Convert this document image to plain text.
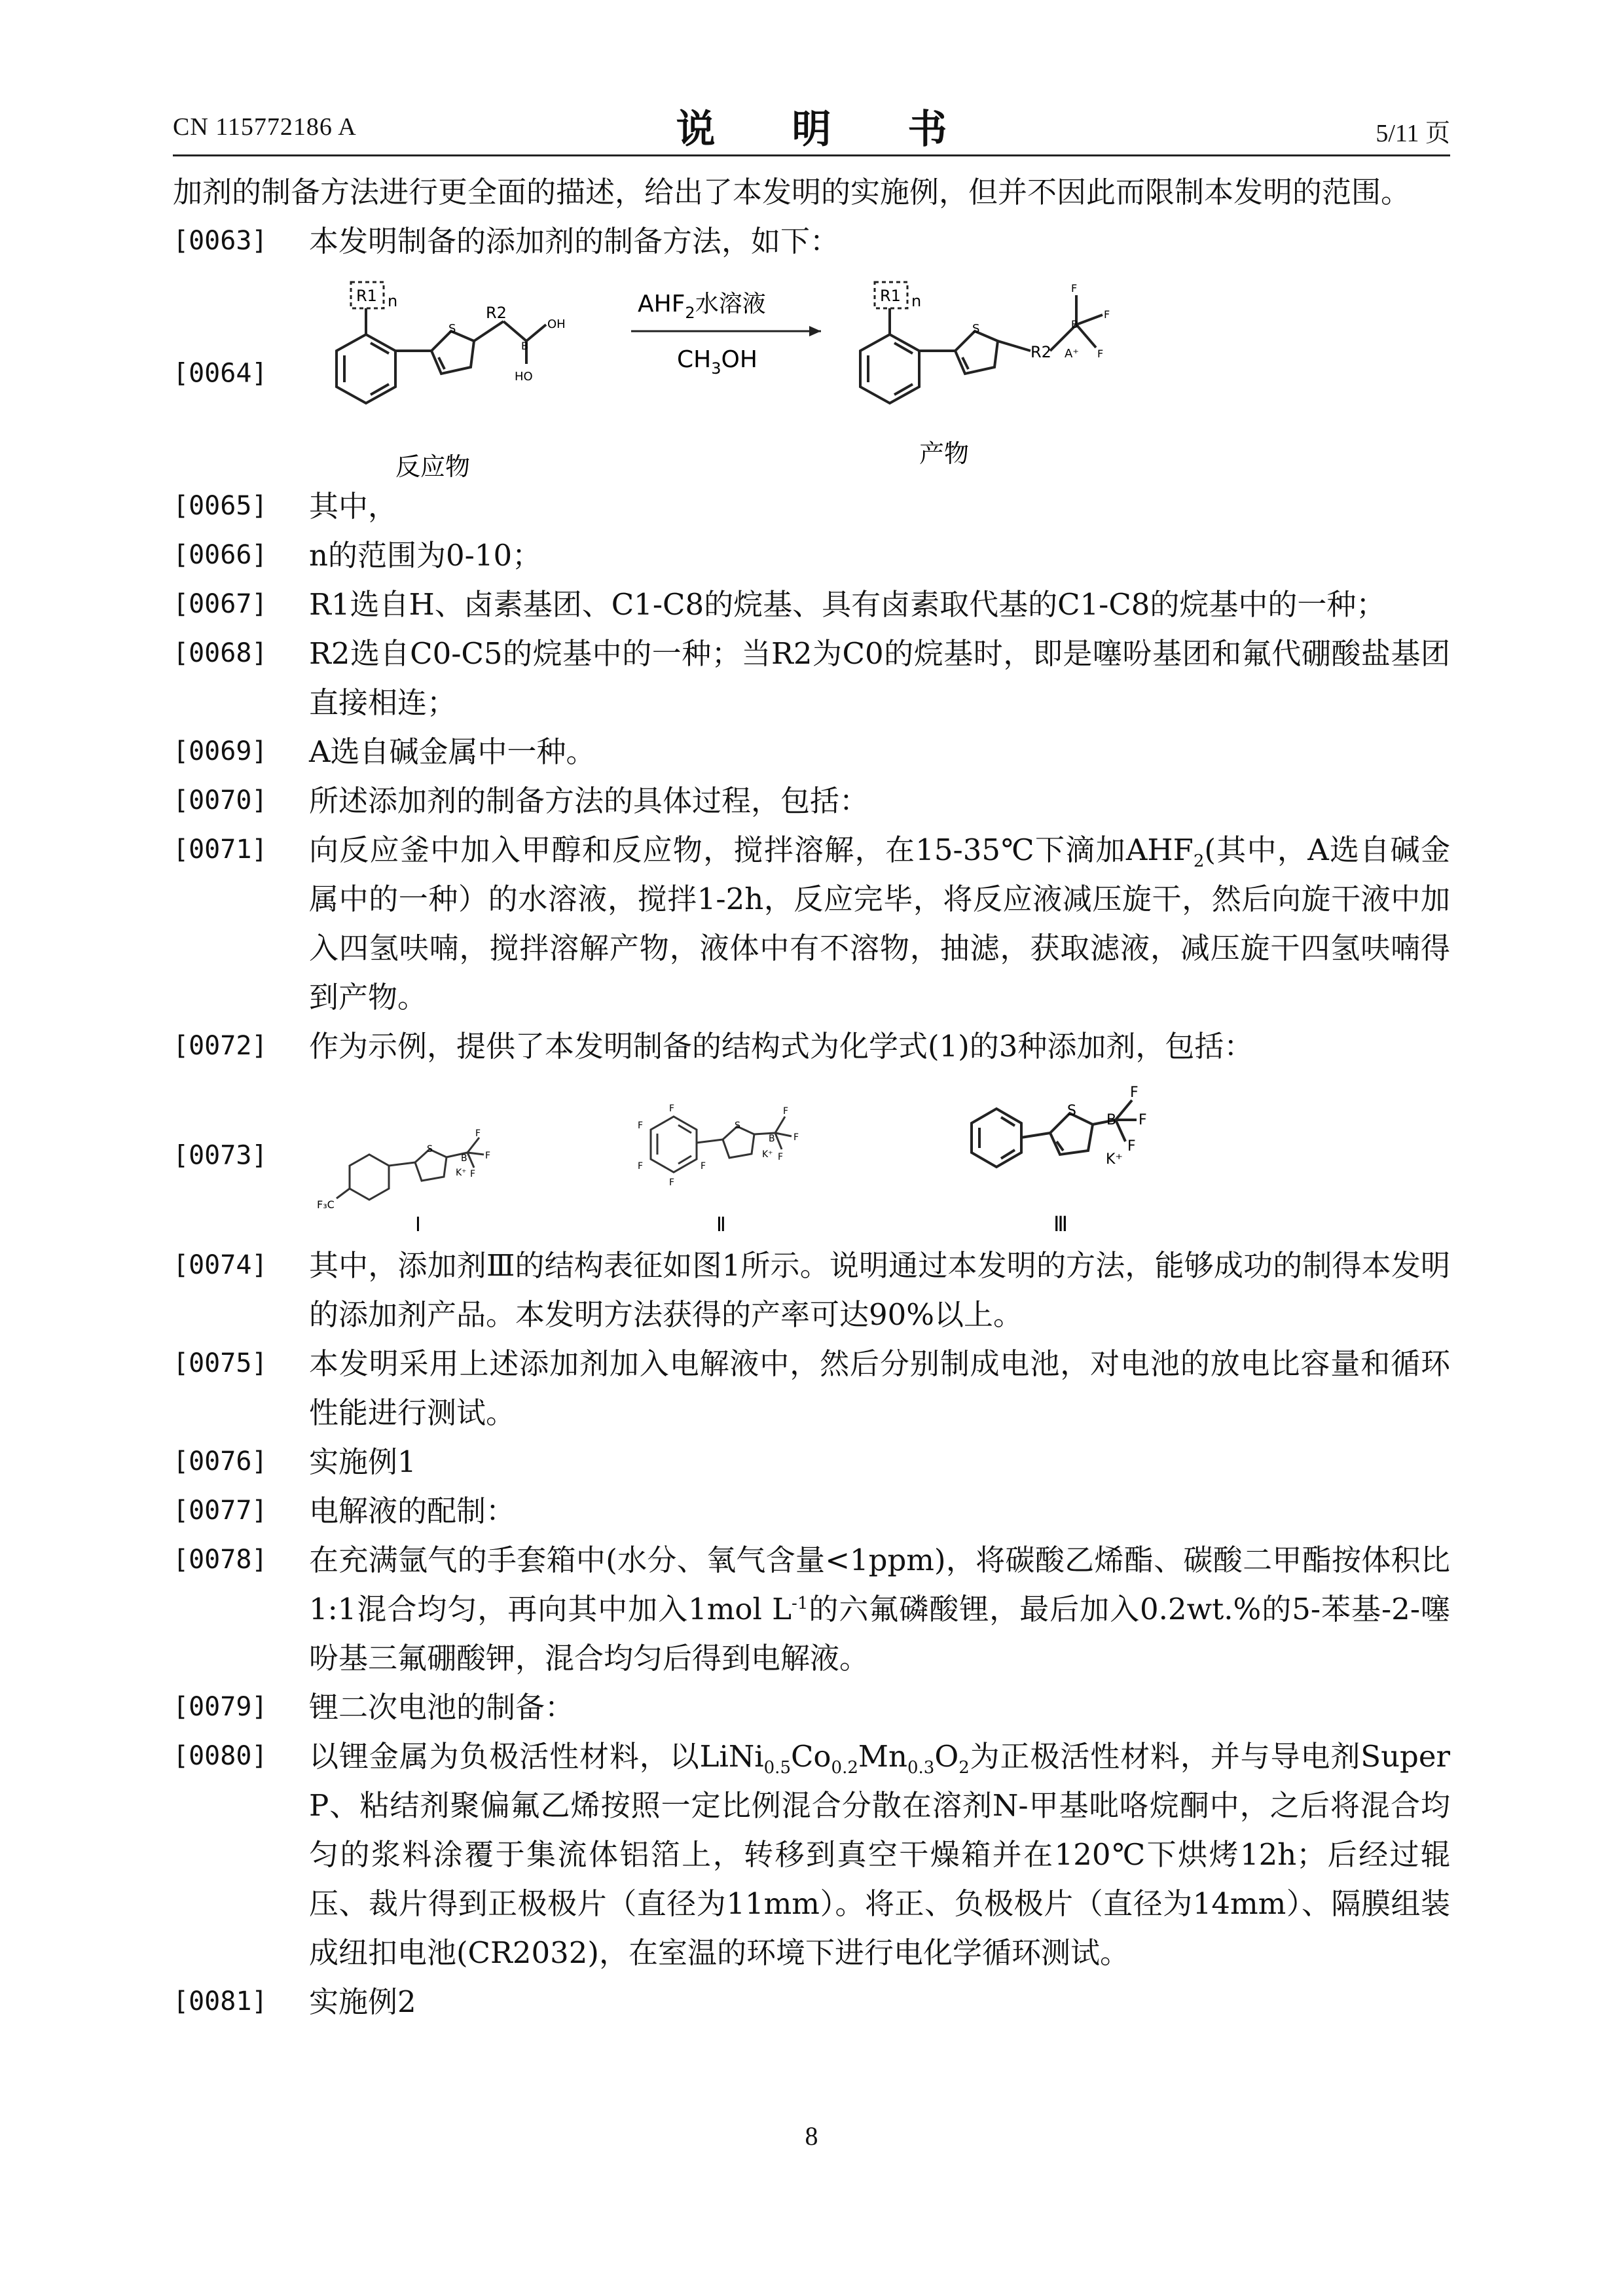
CN 115772186 A	说 明 书	5/11 页
加剂的制备方法进行更全面的描述，给出了本发明的实施例，但并不因此而限制本发明的范围。
[0063] 本发明制备的添加剂的制备方法，如下：
[0064]
R1 n
S
R2
B
OH
HO
反应物
$AHF_2$水溶液
$CH_3OH$
R1 n
S
R2
B
F
F
F
A⁺
产物
[0065] 其中，
[0066] n的范围为0-10；
[0067] R1选自H、卤素基团、C1-C8的烷基、具有卤素取代基的C1-C8的烷基中的一种；
[0068] R2选自C0-C5的烷基中的一种；当R2为C0的烷基时，即是噻吩基团和氟代硼酸盐基团直接相连；
[0069] A选自碱金属中一种。
[0070] 所述添加剂的制备方法的具体过程，包括：
[0071] 向反应釜中加入甲醇和反应物，搅拌溶解，在15-35℃下滴加$AHF_2$(其中，A选自碱金属中的一种）的水溶液，搅拌1-2h，反应完毕，将反应液减压旋干，然后向旋干液中加入四氢呋喃，搅拌溶解产物，液体中有不溶物，抽滤，获取滤液，减压旋干四氢呋喃得到产物。
[0072] 作为示例，提供了本发明制备的结构式为化学式(1)的3种添加剂，包括：
[0073]
F₃C
S
B
F
F
F
K⁺
Ⅰ
F
F
F
F
F
S
B
F
F
F
K⁺
Ⅱ
S
B
F
F
F
K⁺
Ⅲ
[0074] 其中，添加剂Ⅲ的结构表征如图1所示。说明通过本发明的方法，能够成功的制得本发明的添加剂产品。本发明方法获得的产率可达90%以上。
[0075] 本发明采用上述添加剂加入电解液中，然后分别制成电池，对电池的放电比容量和循环性能进行测试。
[0076] 实施例1
[0077] 电解液的配制：
[0078] 在充满氩气的手套箱中(水分、氧气含量<1ppm)，将碳酸乙烯酯、碳酸二甲酯按体积比1:1混合均匀，再向其中加入1mol $L^{-1}$的六氟磷酸锂，最后加入0.2wt.%的5-苯基-2-噻吩基三氟硼酸钾，混合均匀后得到电解液。
[0079] 锂二次电池的制备：
[0080] 以锂金属为负极活性材料，以$LiNi_{0.5}Co_{0.2}Mn_{0.3}O_2$为正极活性材料，并与导电剂Super P、粘结剂聚偏氟乙烯按照一定比例混合分散在溶剂N-甲基吡咯烷酮中，之后将混合均匀的浆料涂覆于集流体铝箔上，转移到真空干燥箱并在120℃下烘烤12h；后经过辊压、裁片得到正极极片（直径为11mm）。将正、负极极片（直径为14mm）、隔膜组装成纽扣电池(CR2032)，在室温的环境下进行电化学循环测试。
[0081] 实施例2
8
